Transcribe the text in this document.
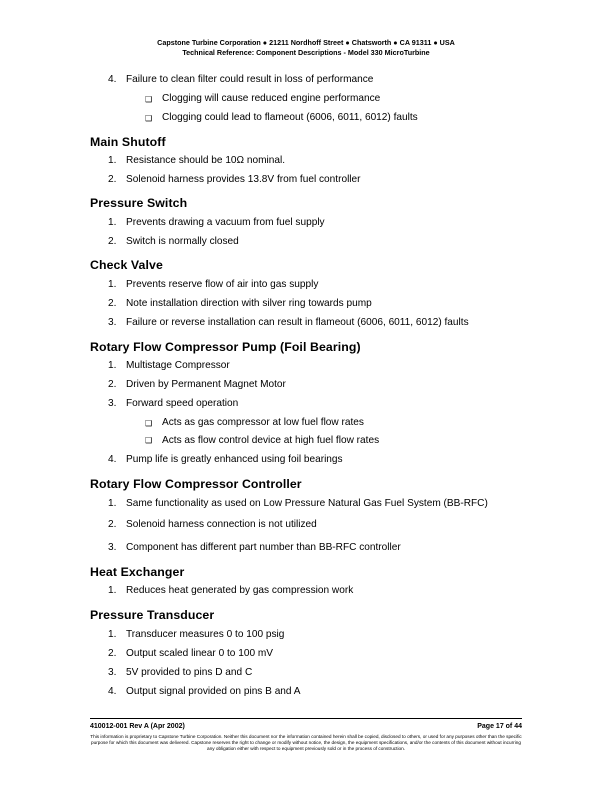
Capstone Turbine Corporation ● 21211 Nordhoff Street ● Chatsworth ● CA 91311 ● USA
Technical Reference: Component Descriptions - Model 330 MicroTurbine
4. Failure to clean filter could result in loss of performance
❑ Clogging will cause reduced engine performance
❑ Clogging could lead to flameout (6006, 6011, 6012) faults
Main Shutoff
1. Resistance should be 10Ω nominal.
2. Solenoid harness provides 13.8V from fuel controller
Pressure Switch
1. Prevents drawing a vacuum from fuel supply
2. Switch is normally closed
Check Valve
1. Prevents reserve flow of air into gas supply
2. Note installation direction with silver ring towards pump
3. Failure or reverse installation can result in flameout (6006, 6011, 6012) faults
Rotary Flow Compressor Pump (Foil Bearing)
1. Multistage Compressor
2. Driven by Permanent Magnet Motor
3. Forward speed operation
❑ Acts as gas compressor at low fuel flow rates
❑ Acts as flow control device at high fuel flow rates
4. Pump life is greatly enhanced using foil bearings
Rotary Flow Compressor Controller
1. Same functionality as used on Low Pressure Natural Gas Fuel System (BB-RFC)
2. Solenoid harness connection is not utilized
3. Component has different part number than BB-RFC controller
Heat Exchanger
1. Reduces heat generated by gas compression work
Pressure Transducer
1. Transducer measures 0 to 100 psig
2. Output scaled linear 0 to 100 mV
3. 5V provided to pins D and C
4. Output signal provided on pins B and A
410012-001 Rev A (Apr 2002)	Page 17 of 44
This information is proprietary to Capstone Turbine Corporation. Neither this document nor the information contained herein shall be copied, disclosed to others, or used for any purposes other than the specific purpose for which this document was delivered. Capstone reserves the right to change or modify without notice, the design, the equipment specifications, and/or the contents of this document without incurring any obligation either with respect to equipment previously sold or in the process of construction.
